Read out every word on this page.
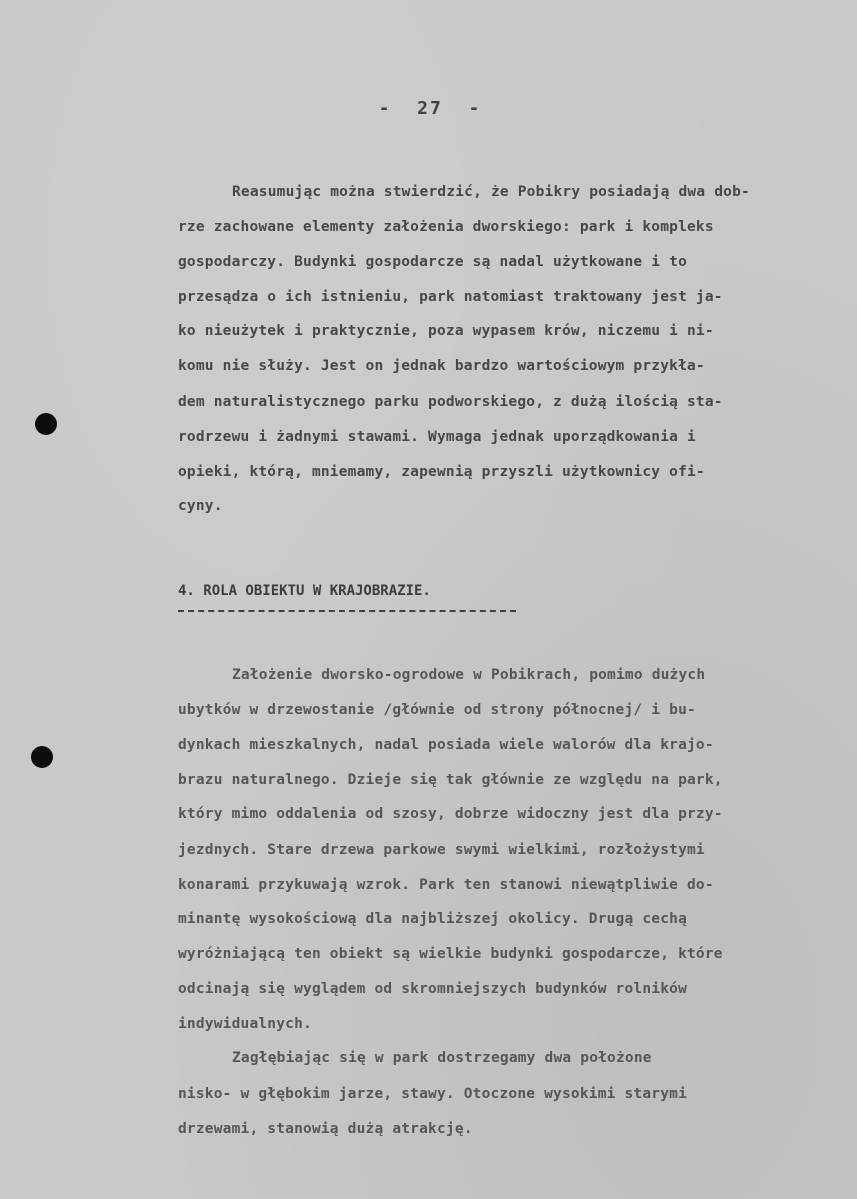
-  27  -
Reasumując można stwierdzić, że Pobikry posiadają dwa dob-
rze zachowane elementy założenia dworskiego: park i kompleks
gospodarczy. Budynki gospodarcze są nadal użytkowane i to
przesądza o ich istnieniu, park natomiast traktowany jest ja-
ko nieużytek i praktycznie, poza wypasem krów, niczemu i ni-
komu nie służy. Jest on jednak bardzo wartościowym przykła-
dem naturalistycznego parku podworskiego, z dużą ilością sta-
rodrzewu i żadnymi stawami. Wymaga jednak uporządkowania i
opieki, którą, mniemamy, zapewnią przyszli użytkownicy ofi-
cyny.
4. ROLA OBIEKTU W KRAJOBRAZIE.
Założenie dworsko-ogrodowe w Pobikrach, pomimo dużych
ubytków w drzewostanie /głównie od strony północnej/ i bu-
dynkach mieszkalnych, nadal posiada wiele walorów dla krajo-
brazu naturalnego. Dzieje się tak głównie ze względu na park,
który mimo oddalenia od szosy, dobrze widoczny jest dla przy-
jezdnych. Stare drzewa parkowe swymi wielkimi, rozłożystymi
konarami przykuwają wzrok. Park ten stanowi niewątpliwie do-
minantę wysokościową dla najbliższej okolicy. Drugą cechą
wyróżniającą ten obiekt są wielkie budynki gospodarcze, które
odcinają się wyglądem od skromniejszych budynków rolników
indywidualnych.
Zagłębiając się w park dostrzegamy dwa położone
nisko- w głębokim jarze, stawy. Otoczone wysokimi starymi
drzewami, stanowią dużą atrakcję.
